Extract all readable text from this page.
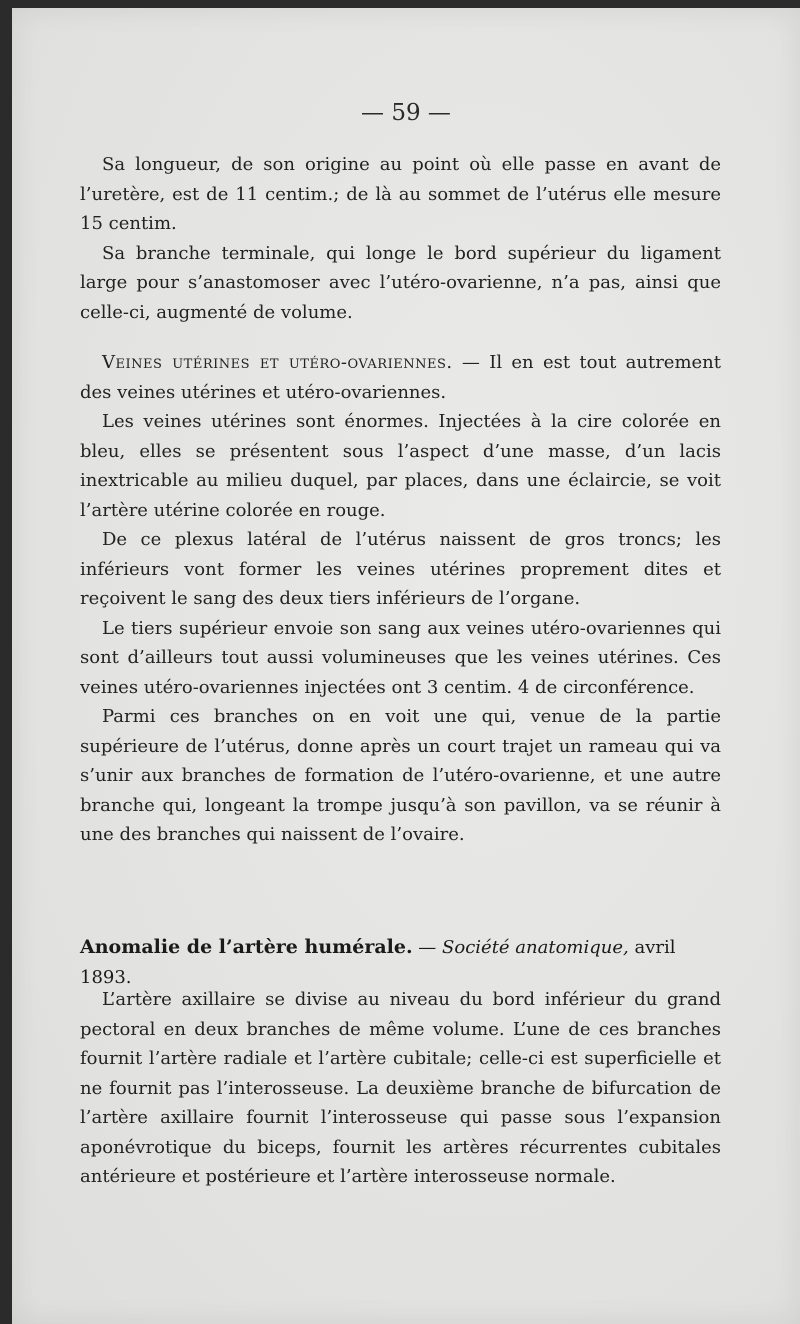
— 59 —

Sa longueur, de son origine au point où elle passe en avant de l’uretère, est de 11 centim.; de là au sommet de l’utérus elle mesure 15 centim.

Sa branche terminale, qui longe le bord supérieur du ligament large pour s’anastomoser avec l’utéro-ovarienne, n’a pas, ainsi que celle-ci, augmenté de volume.

Veines utérines et utéro-ovariennes. — Il en est tout autrement des veines utérines et utéro-ovariennes.

Les veines utérines sont énormes. Injectées à la cire colorée en bleu, elles se présentent sous l’aspect d’une masse, d’un lacis inextricable au milieu duquel, par places, dans une éclaircie, se voit l’artère utérine colorée en rouge.

De ce plexus latéral de l’utérus naissent de gros troncs; les inférieurs vont former les veines utérines proprement dites et reçoivent le sang des deux tiers inférieurs de l’organe.

Le tiers supérieur envoie son sang aux veines utéro-ovariennes qui sont d’ailleurs tout aussi volumineuses que les veines utérines. Ces veines utéro-ovariennes injectées ont 3 centim. 4 de circonférence.

Parmi ces branches on en voit une qui, venue de la partie supérieure de l’utérus, donne après un court trajet un rameau qui va s’unir aux branches de formation de l’utéro-ovarienne, et une autre branche qui, longeant la trompe jusqu’à son pavillon, va se réunir à une des branches qui naissent de l’ovaire.

Anomalie de l’artère humérale. — Société anatomique, avril 1893.

L’artère axillaire se divise au niveau du bord inférieur du grand pectoral en deux branches de même volume. L’une de ces branches fournit l’artère radiale et l’artère cubitale; celle-ci est superficielle et ne fournit pas l’interosseuse. La deuxième branche de bifurcation de l’artère axillaire fournit l’interosseuse qui passe sous l’expansion aponévrotique du biceps, fournit les artères récurrentes cubitales antérieure et postérieure et l’artère interosseuse normale.
